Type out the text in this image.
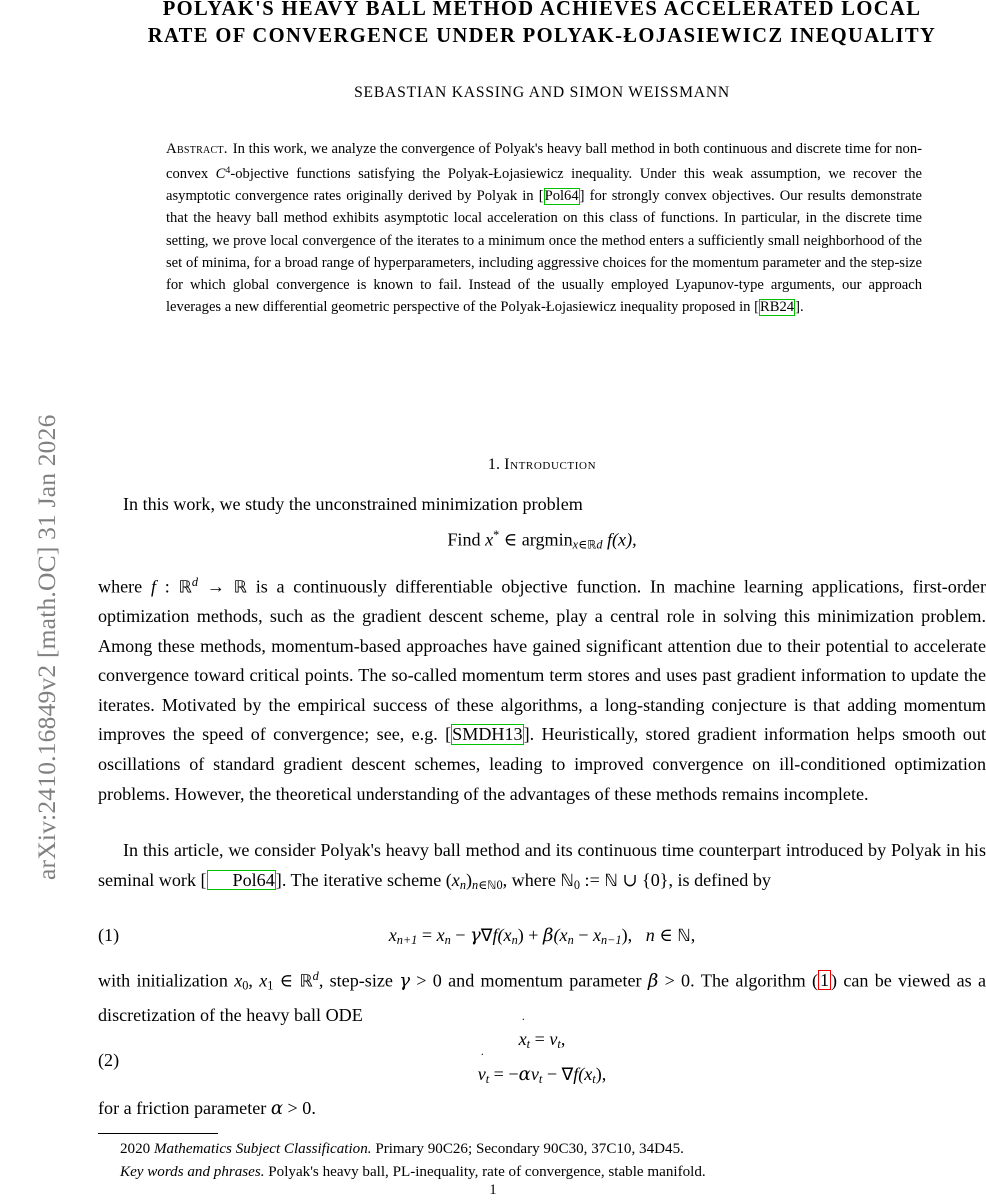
arXiv:2410.16849v2 [math.OC] 31 Jan 2026
POLYAK'S HEAVY BALL METHOD ACHIEVES ACCELERATED LOCAL
RATE OF CONVERGENCE UNDER POLYAK-ŁOJASIEWICZ INEQUALITY
SEBASTIAN KASSING AND SIMON WEISSMANN
Abstract. In this work, we analyze the convergence of Polyak's heavy ball method in both continuous and discrete time for non-convex $C^4$-objective functions satisfying the Polyak-Łojasiewicz inequality. Under this weak assumption, we recover the asymptotic convergence rates originally derived by Polyak in [Pol64] for strongly convex objectives. Our results demonstrate that the heavy ball method exhibits asymptotic local acceleration on this class of functions. In particular, in the discrete time setting, we prove local convergence of the iterates to a minimum once the method enters a sufficiently small neighborhood of the set of minima, for a broad range of hyperparameters, including aggressive choices for the momentum parameter and the step-size for which global convergence is known to fail. Instead of the usually employed Lyapunov-type arguments, our approach leverages a new differential geometric perspective of the Polyak-Łojasiewicz inequality proposed in [RB24].
1. Introduction
In this work, we study the unconstrained minimization problem
Find x* ∈ argmin$_{x\in ℝd}$ f(x),
where f : ℝ$^d$ → ℝ is a continuously differentiable objective function. In machine learning applications, first-order optimization methods, such as the gradient descent scheme, play a central role in solving this minimization problem. Among these methods, momentum-based approaches have gained significant attention due to their potential to accelerate convergence toward critical points. The so-called momentum term stores and uses past gradient information to update the iterates. Motivated by the empirical success of these algorithms, a long-standing conjecture is that adding momentum improves the speed of convergence; see, e.g. [SMDH13]. Heuristically, stored gradient information helps smooth out oscillations of standard gradient descent schemes, leading to improved convergence on ill-conditioned optimization problems. However, the theoretical understanding of the advantages of these methods remains incomplete.
In this article, we consider Polyak's heavy ball method and its continuous time counterpart introduced by Polyak in his seminal work [ Pol64]. The iterative scheme $(x_n)_{n\in ℕ0}$, where ℕ$_0$ := ℕ ∪ {0}, is defined by
(1)	$x_{n+1} = x_n - \gamma\nabla f(x_n) + \beta(x_n - x_{n-1})$, n ∈ ℕ,
with initialization $x_0$, $x_1$ ∈ ℝ$^d$, step-size γ > 0 and momentum parameter β > 0. The algorithm ( 1 ) can be viewed as a discretization of the heavy ball ODE
(2)
˙
$x_t = v_t$,
˙
$v_t = -\alpha v_t - \nabla f(x_t)$,
for a friction parameter α > 0.
2020 Mathematics Subject Classification. Primary 90C26; Secondary 90C30, 37C10, 34D45.
Key words and phrases. Polyak's heavy ball, PL-inequality, rate of convergence, stable manifold.
1
